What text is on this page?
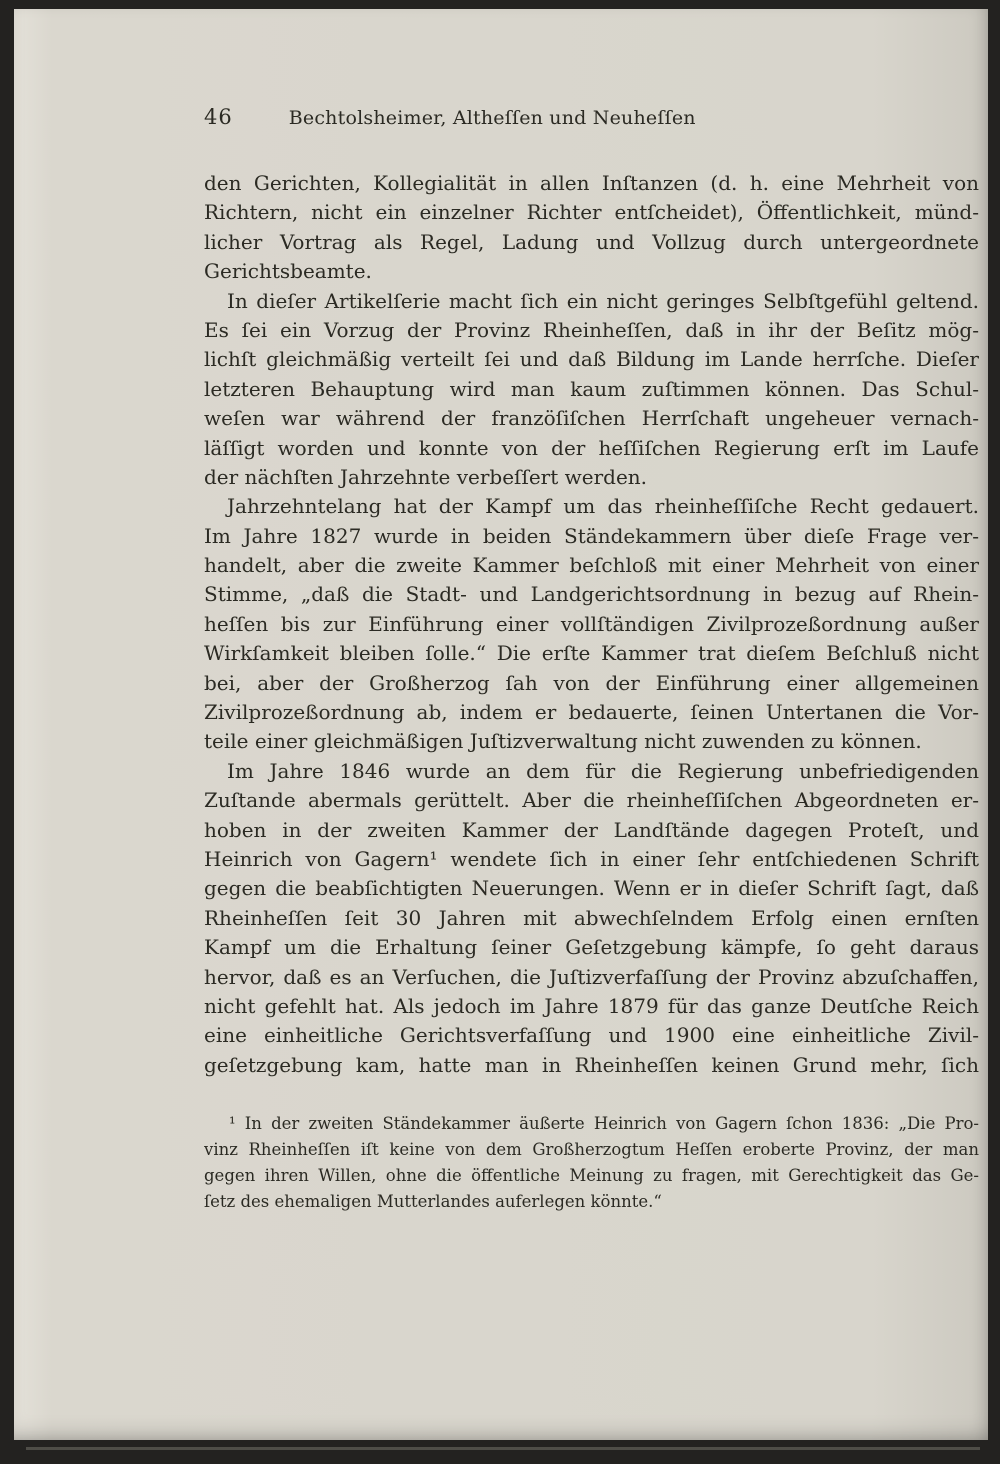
46	Bechtolsheimer, Altheſſen und Neuheſſen
den Gerichten, Kollegialität in allen Inſtanzen (d. h. eine Mehrheit von
Richtern, nicht ein einzelner Richter entſcheidet), Öffentlichkeit, münd-
licher Vortrag als Regel, Ladung und Vollzug durch untergeordnete
Gerichtsbeamte.
In dieſer Artikelſerie macht ſich ein nicht geringes Selbſtgefühl geltend.
Es ſei ein Vorzug der Provinz Rheinheſſen, daß in ihr der Beſitz mög-
lichſt gleichmäßig verteilt ſei und daß Bildung im Lande herrſche. Dieſer
letzteren Behauptung wird man kaum zuſtimmen können. Das Schul-
weſen war während der franzöſiſchen Herrſchaft ungeheuer vernach-
läſſigt worden und konnte von der heſſiſchen Regierung erſt im Laufe
der nächſten Jahrzehnte verbeſſert werden.
Jahrzehntelang hat der Kampf um das rheinheſſiſche Recht gedauert.
Im Jahre 1827 wurde in beiden Ständekammern über dieſe Frage ver-
handelt, aber die zweite Kammer beſchloß mit einer Mehrheit von einer
Stimme, „daß die Stadt- und Landgerichtsordnung in bezug auf Rhein-
heſſen bis zur Einführung einer vollſtändigen Zivilprozeßordnung außer
Wirkſamkeit bleiben ſolle.“ Die erſte Kammer trat dieſem Beſchluß nicht
bei, aber der Großherzog ſah von der Einführung einer allgemeinen
Zivilprozeßordnung ab, indem er bedauerte, ſeinen Untertanen die Vor-
teile einer gleichmäßigen Juſtizverwaltung nicht zuwenden zu können.
Im Jahre 1846 wurde an dem für die Regierung unbefriedigenden
Zuſtande abermals gerüttelt. Aber die rheinheſſiſchen Abgeordneten er-
hoben in der zweiten Kammer der Landſtände dagegen Proteſt, und
Heinrich von Gagern¹ wendete ſich in einer ſehr entſchiedenen Schrift
gegen die beabſichtigten Neuerungen. Wenn er in dieſer Schrift ſagt, daß
Rheinheſſen ſeit 30 Jahren mit abwechſelndem Erfolg einen ernſten
Kampf um die Erhaltung ſeiner Geſetzgebung kämpfe, ſo geht daraus
hervor, daß es an Verſuchen, die Juſtizverfaſſung der Provinz abzuſchaffen,
nicht gefehlt hat. Als jedoch im Jahre 1879 für das ganze Deutſche Reich
eine einheitliche Gerichtsverfaſſung und 1900 eine einheitliche Zivil-
geſetzgebung kam, hatte man in Rheinheſſen keinen Grund mehr, ſich
¹ In der zweiten Ständekammer äußerte Heinrich von Gagern ſchon 1836: „Die Pro-
vinz Rheinheſſen iſt keine von dem Großherzogtum Heſſen eroberte Provinz, der man
gegen ihren Willen, ohne die öffentliche Meinung zu fragen, mit Gerechtigkeit das Ge-
ſetz des ehemaligen Mutterlandes auferlegen könnte.“
